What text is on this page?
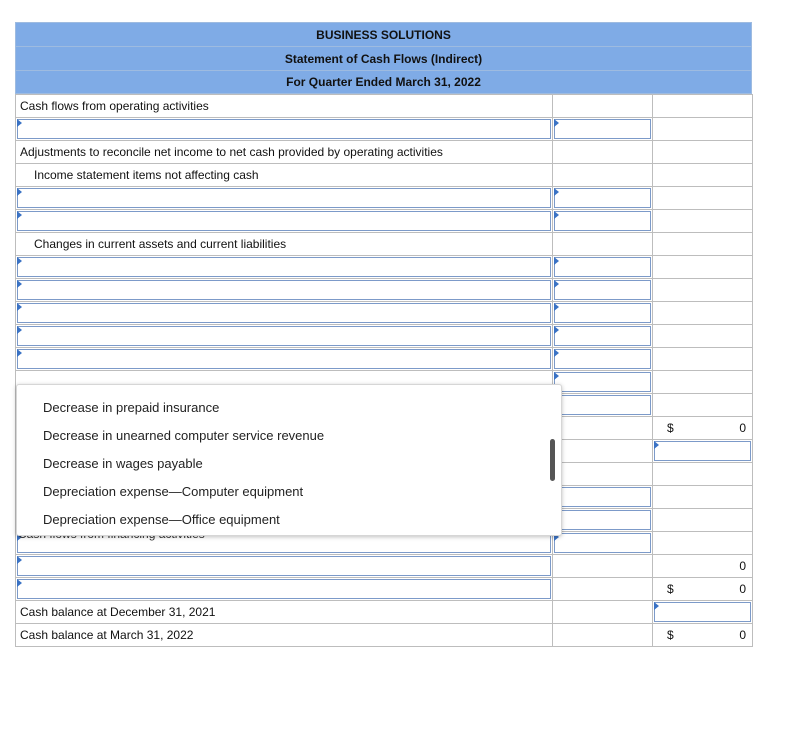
BUSINESS SOLUTIONS
Statement of Cash Flows (Indirect)
For Quarter Ended March 31, 2022
Cash flows from operating activities		

Adjustments to reconcile net income to net cash provided by operating activities		

Income statement items not affecting cash		

Changes in current assets and current liabilities		

		$ 0

		0

		$ 0

Cash balance at December 31, 2021		

Cash balance at March 31, 2022		$ 0
Decrease in prepaid insurance
Decrease in unearned computer service revenue
Decrease in wages payable
Depreciation expense—Computer equipment
Depreciation expense—Office equipment
